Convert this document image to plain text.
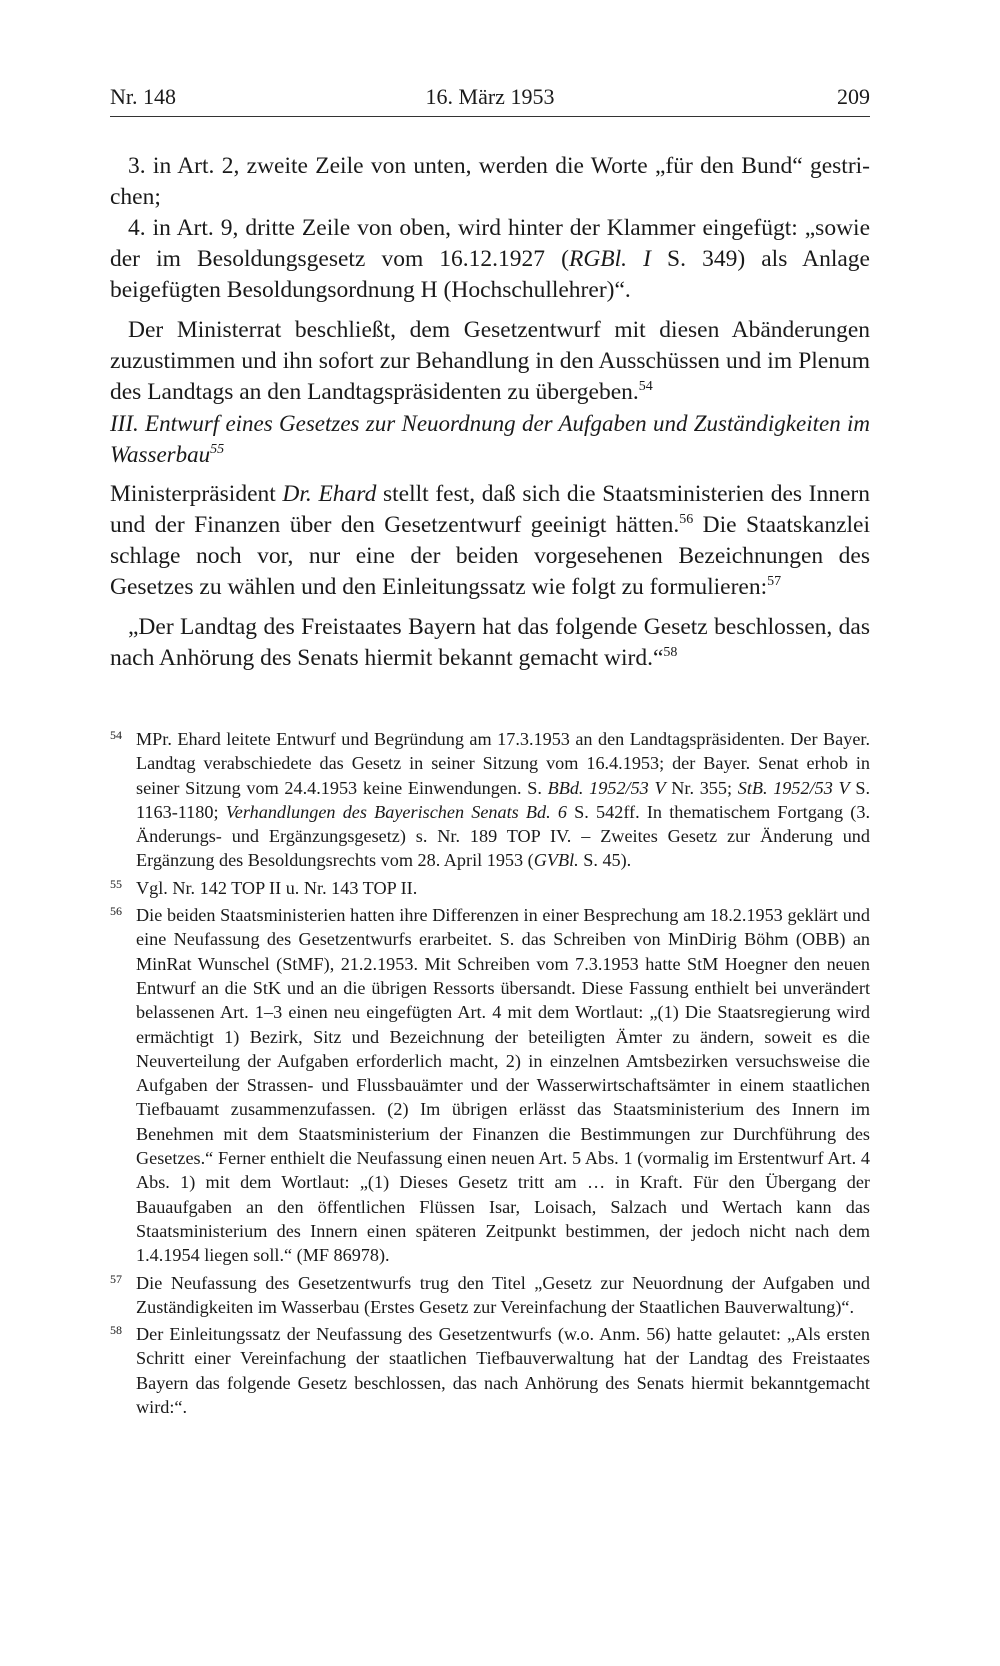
16. März 1953
Nr. 148	209

3. in Art. 2, zweite Zeile von unten, werden die Worte „für den Bund“ gestrichen;

4. in Art. 9, dritte Zeile von oben, wird hinter der Klammer eingefügt: „sowie der im Besoldungsgesetz vom 16.12.1927 (RGBl. I S. 349) als Anlage beigefügten Besoldungsordnung H (Hochschullehrer)“.

Der Ministerrat beschließt, dem Gesetzentwurf mit diesen Abänderungen zuzustimmen und ihn sofort zur Behandlung in den Ausschüssen und im Plenum des Landtags an den Landtagspräsidenten zu übergeben.$^{54}$

III. Entwurf eines Gesetzes zur Neuordnung der Aufgaben und Zuständigkeiten im Wasserbau$^{55}$

Ministerpräsident Dr. Ehard stellt fest, daß sich die Staatsministerien des Innern und der Finanzen über den Gesetzentwurf geeinigt hätten.$^{56}$ Die Staatskanzlei schlage noch vor, nur eine der beiden vorgesehenen Bezeichnungen des Gesetzes zu wählen und den Einleitungssatz wie folgt zu formulieren:$^{57}$

„Der Landtag des Freistaates Bayern hat das folgende Gesetz beschlossen, das nach Anhörung des Senats hiermit bekannt gemacht wird.“$^{58}$

54 MPr. Ehard leitete Entwurf und Begründung am 17.3.1953 an den Landtagspräsidenten. Der Bayer. Landtag verabschiedete das Gesetz in seiner Sitzung vom 16.4.1953; der Bayer. Senat erhob in seiner Sitzung vom 24.4.1953 keine Einwendungen. S. BBd. 1952/53 V Nr. 355; StB. 1952/53 V S. 1163-1180; Verhandlungen des Bayerischen Senats Bd. 6 S. 542ff. In thematischem Fortgang (3. Änderungs- und Ergänzungsgesetz) s. Nr. 189 TOP IV. – Zweites Gesetz zur Änderung und Ergänzung des Besoldungsrechts vom 28. April 1953 (GVBl. S. 45).
55 Vgl. Nr. 142 TOP II u. Nr. 143 TOP II.
56 Die beiden Staatsministerien hatten ihre Differenzen in einer Besprechung am 18.2.1953 geklärt und eine Neufassung des Gesetzentwurfs erarbeitet. S. das Schreiben von MinDirig Böhm (OBB) an MinRat Wunschel (StMF), 21.2.1953. Mit Schreiben vom 7.3.1953 hatte StM Hoegner den neuen Entwurf an die StK und an die übrigen Ressorts übersandt. Diese Fassung enthielt bei unverändert belassenen Art. 1–3 einen neu eingefügten Art. 4 mit dem Wortlaut: „(1) Die Staatsregierung wird ermächtigt 1) Bezirk, Sitz und Bezeichnung der beteiligten Ämter zu ändern, soweit es die Neuverteilung der Aufgaben erforderlich macht, 2) in einzelnen Amtsbezirken versuchsweise die Aufgaben der Strassen- und Flussbauämter und der Wasserwirtschaftsämter in einem staatlichen Tiefbauamt zusammenzufassen. (2) Im übrigen erlässt das Staatsministerium des Innern im Benehmen mit dem Staatsministerium der Finanzen die Bestimmungen zur Durchführung des Gesetzes.“ Ferner enthielt die Neufassung einen neuen Art. 5 Abs. 1 (vormalig im Erstentwurf Art. 4 Abs. 1) mit dem Wortlaut: „(1) Dieses Gesetz tritt am … in Kraft. Für den Übergang der Bauaufgaben an den öffentlichen Flüssen Isar, Loisach, Salzach und Wertach kann das Staatsministerium des Innern einen späteren Zeitpunkt bestimmen, der jedoch nicht nach dem 1.4.1954 liegen soll.“ (MF 86978).
57 Die Neufassung des Gesetzentwurfs trug den Titel „Gesetz zur Neuordnung der Aufgaben und Zuständigkeiten im Wasserbau (Erstes Gesetz zur Vereinfachung der Staatlichen Bauverwaltung)“.
58 Der Einleitungssatz der Neufassung des Gesetzentwurfs (w.o. Anm. 56) hatte gelautet: „Als ersten Schritt einer Vereinfachung der staatlichen Tiefbauverwaltung hat der Landtag des Freistaates Bayern das folgende Gesetz beschlossen, das nach Anhörung des Senats hiermit bekanntgemacht wird:“.
